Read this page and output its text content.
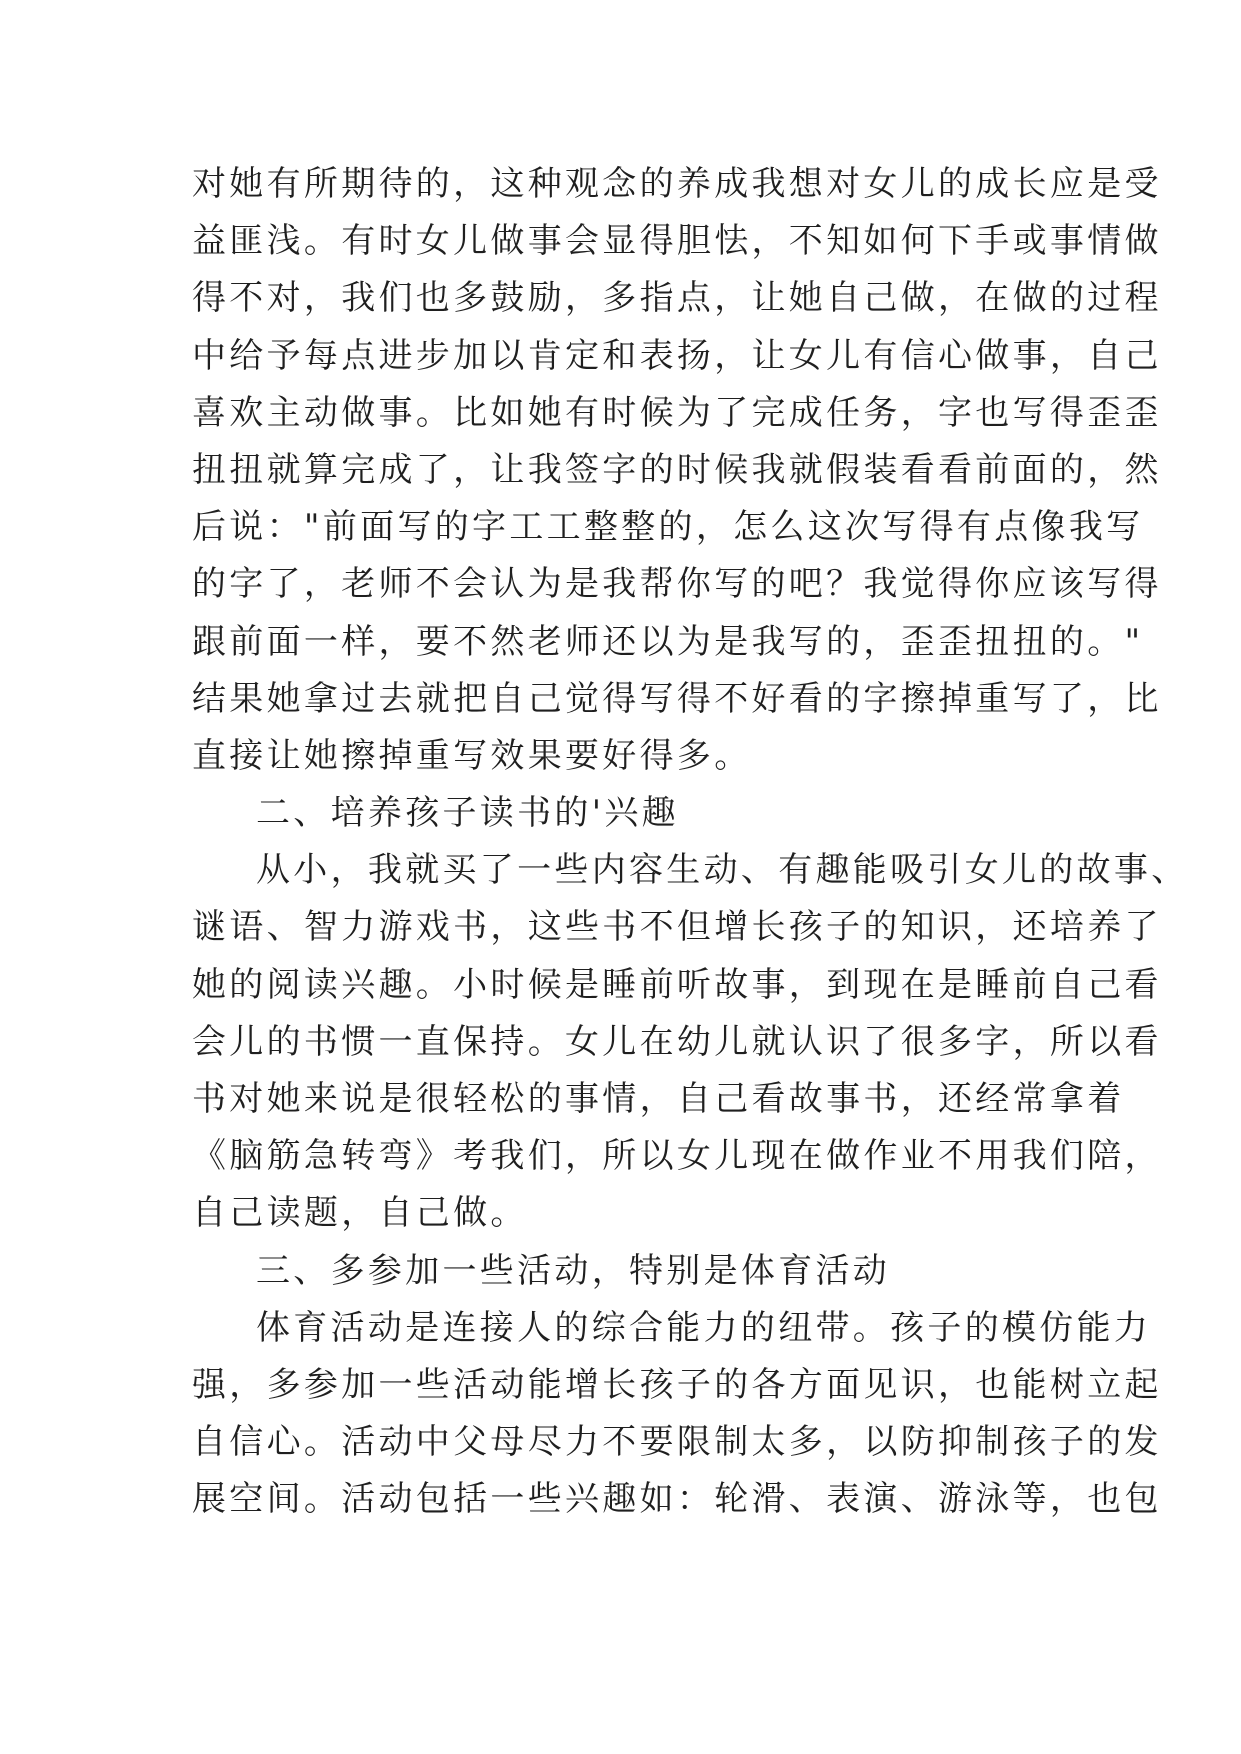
对她有所期待的，这种观念的养成我想对女儿的成长应是受
益匪浅。有时女儿做事会显得胆怯，不知如何下手或事情做
得不对，我们也多鼓励，多指点，让她自己做，在做的过程
中给予每点进步加以肯定和表扬，让女儿有信心做事，自己
喜欢主动做事。比如她有时候为了完成任务，字也写得歪歪
扭扭就算完成了，让我签字的时候我就假装看看前面的，然
后说："前面写的字工工整整的，怎么这次写得有点像我写
的字了，老师不会认为是我帮你写的吧？我觉得你应该写得
跟前面一样，要不然老师还以为是我写的，歪歪扭扭的。"
结果她拿过去就把自己觉得写得不好看的字擦掉重写了，比
直接让她擦掉重写效果要好得多。
二、培养孩子读书的'兴趣
从小，我就买了一些内容生动、有趣能吸引女儿的故事、
谜语、智力游戏书，这些书不但增长孩子的知识，还培养了
她的阅读兴趣。小时候是睡前听故事，到现在是睡前自己看
会儿的书惯一直保持。女儿在幼儿就认识了很多字，所以看
书对她来说是很轻松的事情，自己看故事书，还经常拿着
《脑筋急转弯》考我们，所以女儿现在做作业不用我们陪，
自己读题，自己做。
三、多参加一些活动，特别是体育活动
体育活动是连接人的综合能力的纽带。孩子的模仿能力
强，多参加一些活动能增长孩子的各方面见识，也能树立起
自信心。活动中父母尽力不要限制太多，以防抑制孩子的发
展空间。活动包括一些兴趣如：轮滑、表演、游泳等，也包
